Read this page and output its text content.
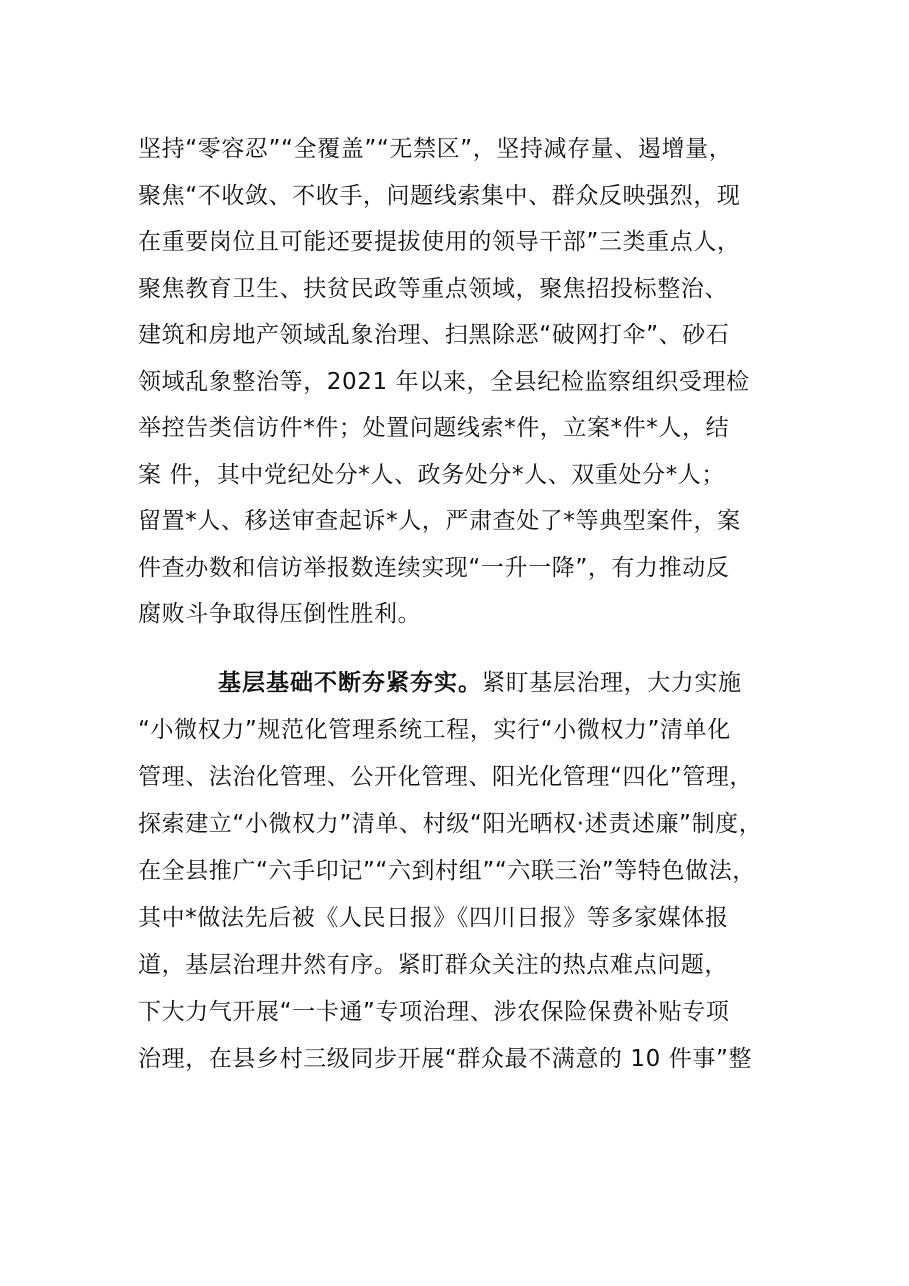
坚持“零容忍”“全覆盖”“无禁区”，坚持减存量、遏增量，
聚焦“不收敛、不收手，问题线索集中、群众反映强烈，现
在重要岗位且可能还要提拔使用的领导干部”三类重点人，
聚焦教育卫生、扶贫民政等重点领域，聚焦招投标整治、
建筑和房地产领域乱象治理、扫黑除恶“破网打伞”、砂石
领域乱象整治等，2021 年以来，全县纪检监察组织受理检
举控告类信访件*件；处置问题线索*件，立案*件*人，结
案 件，其中党纪处分*人、政务处分*人、双重处分*人；
留置*人、移送审查起诉*人，严肃查处了*等典型案件，案
件查办数和信访举报数连续实现“一升一降”，有力推动反
腐败斗争取得压倒性胜利。
基层基础不断夯紧夯实。紧盯基层治理，大力实施
“小微权力”规范化管理系统工程，实行“小微权力”清单化
管理、法治化管理、公开化管理、阳光化管理“四化”管理，
探索建立“小微权力”清单、村级“阳光晒权·述责述廉”制度，
在全县推广“六手印记”“六到村组”“六联三治”等特色做法，
其中*做法先后被《人民日报》《四川日报》等多家媒体报
道，基层治理井然有序。紧盯群众关注的热点难点问题，
下大力气开展“一卡通”专项治理、涉农保险保费补贴专项
治理，在县乡村三级同步开展“群众最不满意的 10 件事”整
